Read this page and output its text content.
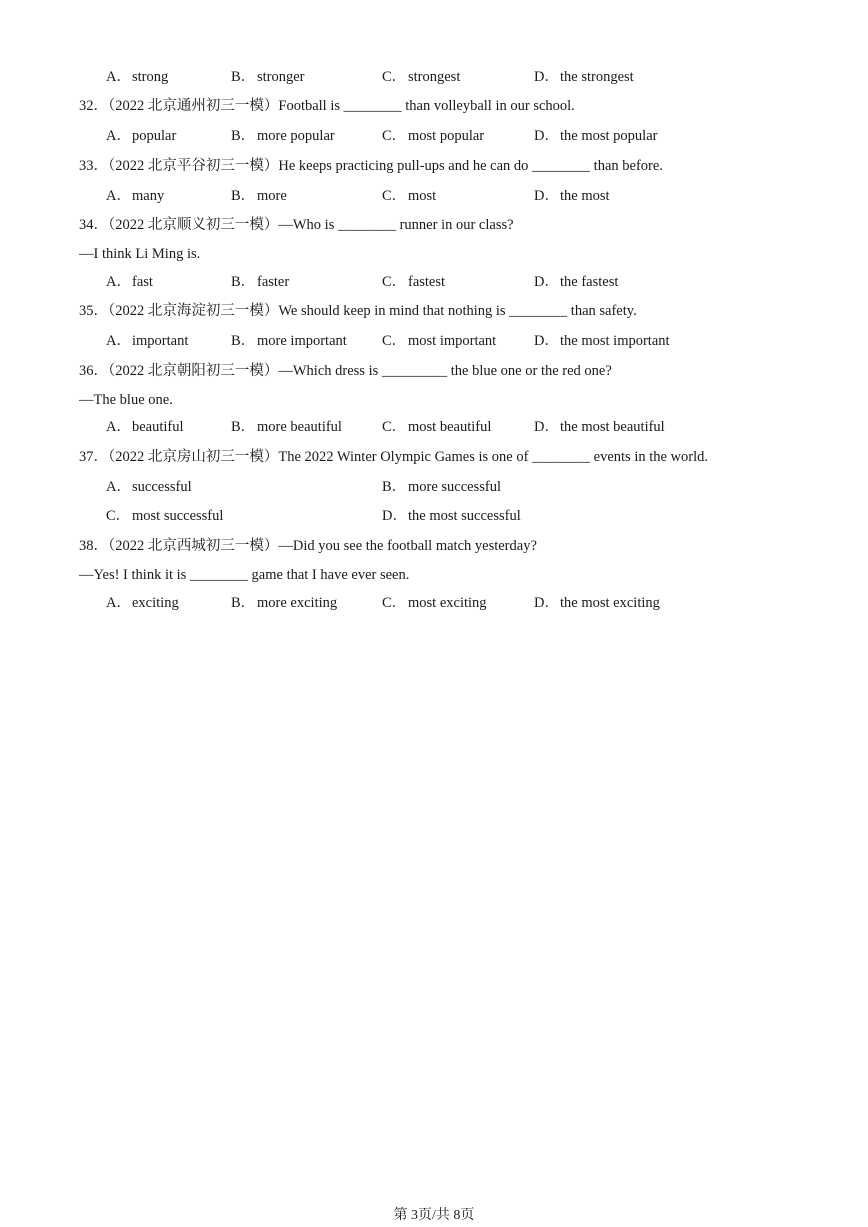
A．strong	B． stronger	C． strongest	D．the strongest
32．（2022 北京通州初三一模）Football is ________ than volleyball in our school.
A．popular	B． more popular	C． most popular	D．the most popular
33．（2022 北京平谷初三一模）He keeps practicing pull-ups and he can do ________ than before.
A．many	B． more	C． most	D．the most
34．（2022 北京顺义初三一模）—Who is ________ runner in our class?
—I think Li Ming is.
A．fast	B． faster	C． fastest	D．the fastest
35．（2022 北京海淀初三一模）We should keep in mind that nothing is ________ than safety.
A．important	B． more important C． most important	D．the most important
36．（2022 北京朝阳初三一模）—Which dress is _________ the blue one or the red one?
—The blue one.
A．beautiful	B． more beautiful	C． most beautiful	D．the most beautiful
37．（2022 北京房山初三一模）The 2022 Winter Olympic Games is one of ________ events in the world.
A．successful	B． more successful
C． most successful	D．the most successful
38．（2022 北京西城初三一模）—Did you see the football match yesterday?
—Yes! I think it is ________ game that I have ever seen.
A．exciting	B． more exciting	C． most exciting	D．the most exciting
第 3页/共 8页
